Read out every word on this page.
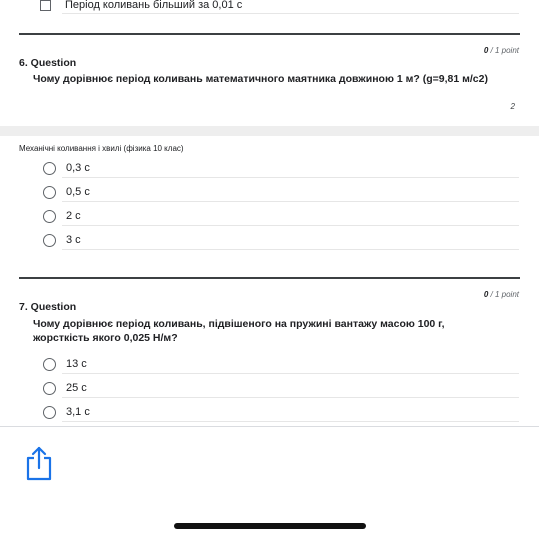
Період коливань більший за 0,01 с
0 / 1 point
6. Question
Чому дорівнює період коливань математичного маятника довжиною 1 м? (g=9,81 м/с2)
2
Механічні коливання і хвилі (фізика 10 клас)
0,3 с
0,5 с
2 с
3 с
0 / 1 point
7. Question
Чому дорівнює період коливань, підвішеного на пружині вантажу масою 100 г,
жорсткість якого 0,025 Н/м?
13 с
25 с
3,1 с
